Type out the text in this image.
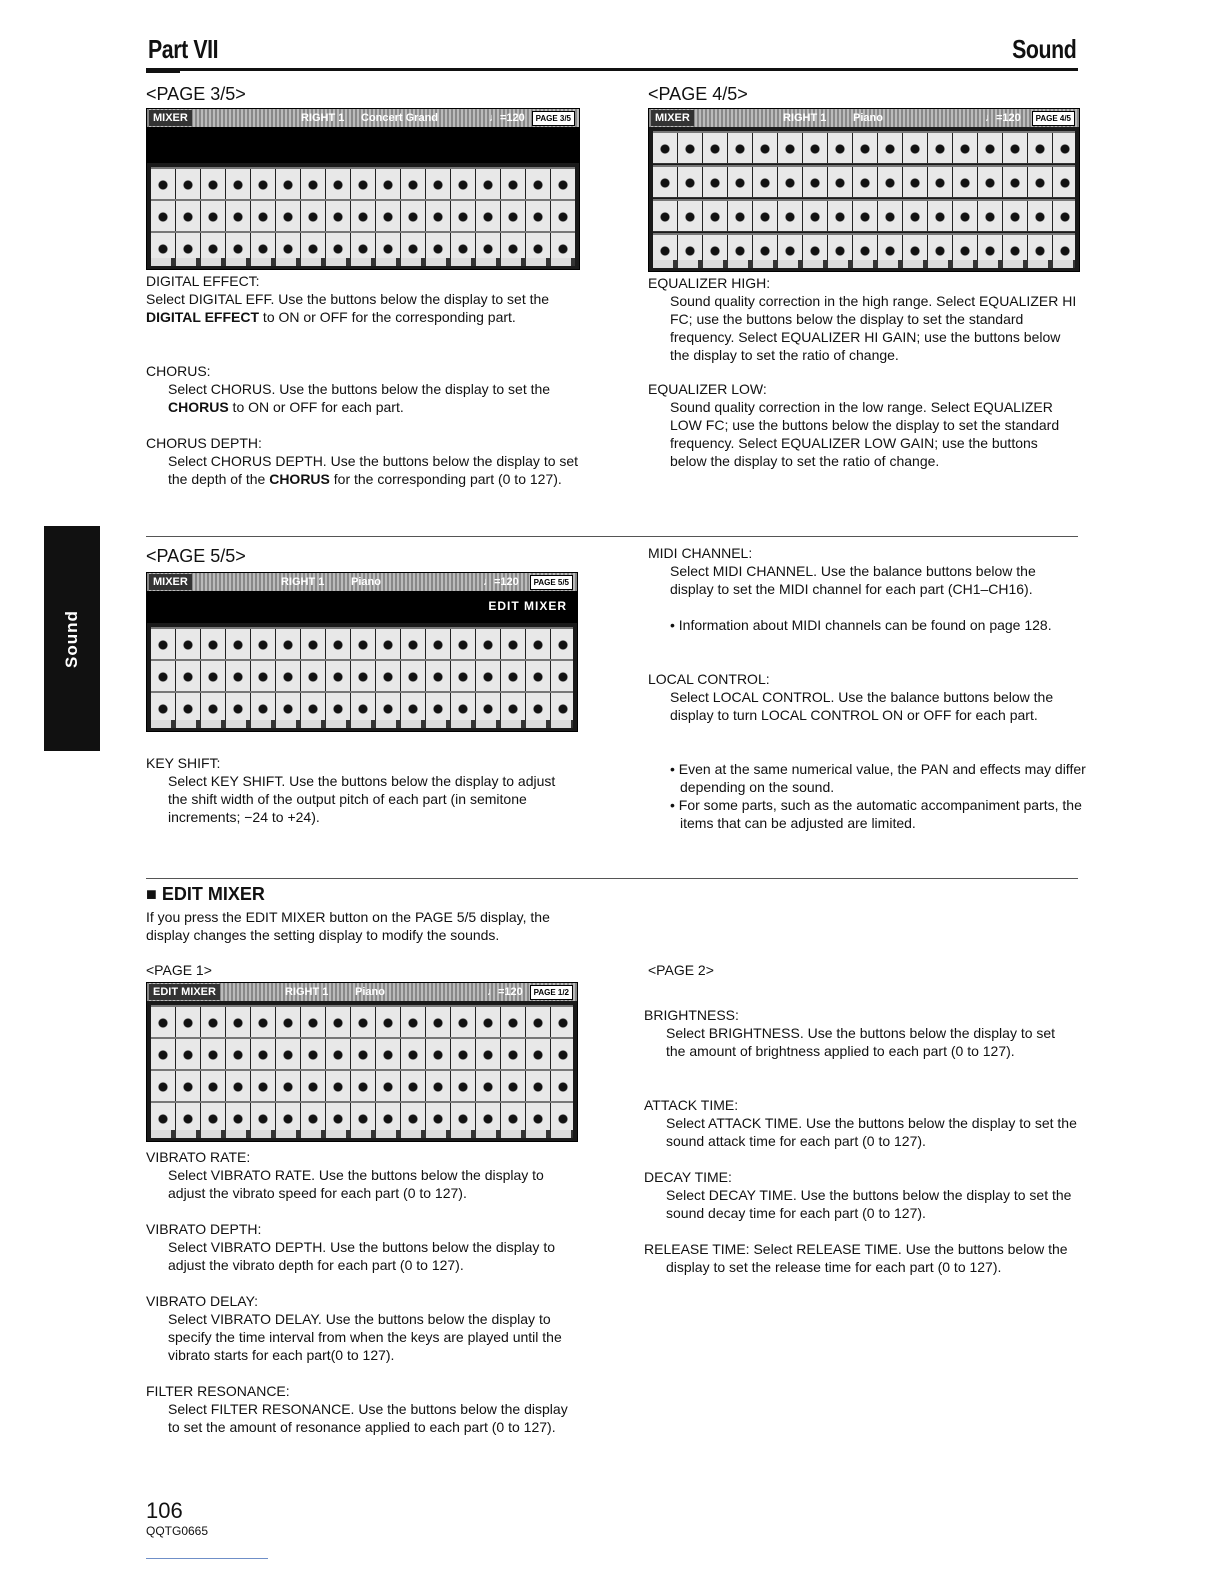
Part VII	Sound
Sound
<PAGE 3/5>
MIXER	RIGHT 1	Concert Grand	♩=120	PAGE 3/5
DIGITAL EFFECT:
Select DIGITAL EFF. Use the buttons below the display to set the DIGITAL EFFECT to ON or OFF for the corresponding part.
CHORUS:
Select CHORUS. Use the buttons below the display to set the CHORUS to ON or OFF for each part.
CHORUS DEPTH:
Select CHORUS DEPTH. Use the buttons below the display to set the depth of the CHORUS for the corresponding part (0 to 127).
<PAGE 4/5>
MIXER	RIGHT 1	Piano	♩=120	PAGE 4/5
EQUALIZER HIGH:
Sound quality correction in the high range. Select EQUALIZER HI FC; use the buttons below the display to set the standard frequency. Select EQUALIZER HI GAIN; use the buttons below the display to set the ratio of change.
EQUALIZER LOW:
Sound quality correction in the low range. Select EQUALIZER LOW FC; use the buttons below the display to set the standard frequency. Select EQUALIZER LOW GAIN; use the buttons below the display to set the ratio of change.
<PAGE 5/5>
MIXER	RIGHT 1	Piano	♩=120	PAGE 5/5
EDIT MIXER
KEY SHIFT:
Select KEY SHIFT. Use the buttons below the display to adjust the shift width of the output pitch of each part (in semitone increments; −24 to +24).
MIDI CHANNEL:
Select MIDI CHANNEL. Use the balance buttons below the display to set the MIDI channel for each part (CH1–CH16).
• Information about MIDI channels can be found on page 128.
LOCAL CONTROL:
Select LOCAL CONTROL. Use the balance buttons below the display to turn LOCAL CONTROL ON or OFF for each part.
• Even at the same numerical value, the PAN and effects may differ depending on the sound.
• For some parts, such as the automatic accompaniment parts, the items that can be adjusted are limited.
■ EDIT MIXER
If you press the EDIT MIXER button on the PAGE 5/5 display, the display changes the setting display to modify the sounds.
<PAGE 1>
EDIT MIXER	RIGHT 1	Piano	♩=120	PAGE 1/2
VIBRATO RATE:
Select VIBRATO RATE. Use the buttons below the display to adjust the vibrato speed for each part (0 to 127).
VIBRATO DEPTH:
Select VIBRATO DEPTH. Use the buttons below the display to adjust the vibrato depth for each part (0 to 127).
VIBRATO DELAY:
Select VIBRATO DELAY. Use the buttons below the display to specify the time interval from when the keys are played until the vibrato starts for each part(0 to 127).
FILTER RESONANCE:
Select FILTER RESONANCE. Use the buttons below the display to set the amount of resonance applied to each part (0 to 127).
<PAGE 2>
BRIGHTNESS:
Select BRIGHTNESS. Use the buttons below the display to set the amount of brightness applied to each part (0 to 127).
ATTACK TIME:
Select ATTACK TIME. Use the buttons below the display to set the sound attack time for each part (0 to 127).
DECAY TIME:
Select DECAY TIME. Use the buttons below the display to set the sound decay time for each part (0 to 127).
RELEASE TIME: Select RELEASE TIME. Use the buttons below the display to set the release time for each part (0 to 127).
106
QQTG0665
